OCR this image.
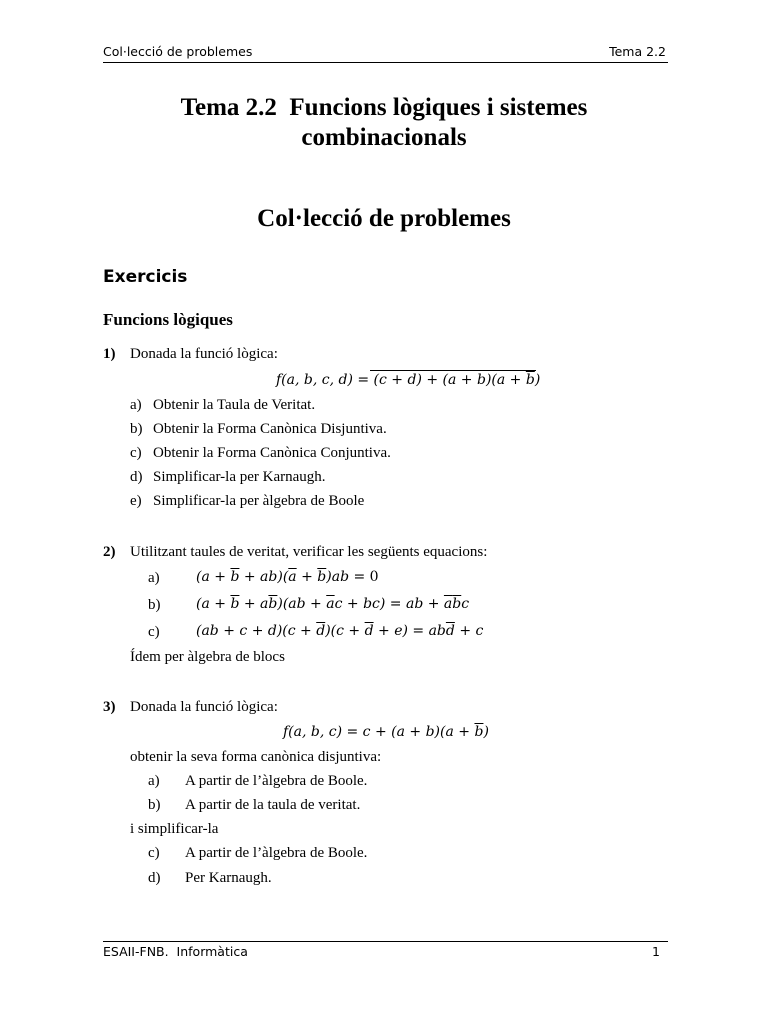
Col·lecció de problemes	Tema 2.2
Tema 2.2  Funcions lògiques i sistemes
combinacionals
Col·lecció de problemes
Exercicis
Funcions lògiques
1) Donada la funció lògica:
f(a, b, c, $d) = (c + d) + (a + b)(a + \overline{b})$
a) Obtenir la Taula de Veritat.
b) Obtenir la Forma Canònica Disjuntiva.
c) Obtenir la Forma Canònica Conjuntiva.
d) Simplificar-la per Karnaugh.
e) Simplificar-la per àlgebra de Boole
2) Utilitzant taules de veritat, verificar les següents equacions:
a)	$(a + \overline{b} + ab)(\overline{a} + \overline{b})ab = 0$
b)	$(a + \overline{b} + a\overline{b})(ab + \overline{a}c + bc)$ = ab + $\overline{a}\overline{b}c$
c)	$(ab + c + d)(c + \overline{d})(c + \overline{d} + e) = ab\overline{d} + c$
Ídem per àlgebra de blocs
3) Donada la funció lògica:
f(a, b, $c) = c + (a + b)(a + \overline{b})$
obtenir la seva forma canònica disjuntiva:
a) A partir de l’àlgebra de Boole.
b) A partir de la taula de veritat.
i simplificar-la
c) A partir de l’àlgebra de Boole.
d) Per Karnaugh.
ESAII-FNB.  Informàtica	1
